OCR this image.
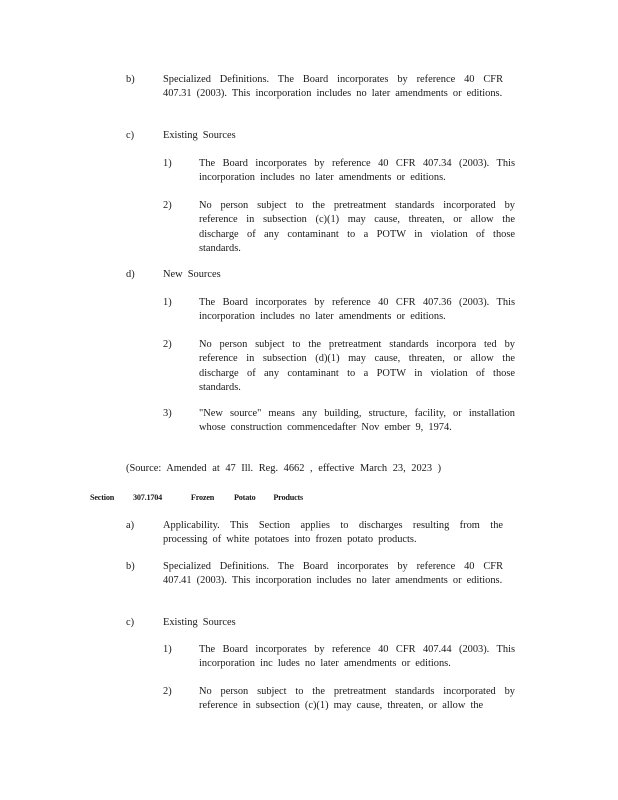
b)	Specialized Definitions. The Board incorporates by reference 40 CFR 407.31 (2003). This incorporation includes no later amendments or editions.
c)	Existing Sources
1)	The Board incorporates by reference 40 CFR 407.34 (2003). This incorporation includes no later amendments or editions.
2)	No person subject to the pretreatment standards incorporated by reference in subsection (c)(1) may cause, threaten, or allow the discharge of any contaminant to a POTW in violation of those standards.
d)	New Sources
1)	The Board incorporates by reference 40 CFR 407.36 (2003). This incorporation includes no later amendments or editions.
2)	No person subject to the pretreatment standards incorpora ted by reference in subsection (d)(1) may cause, threaten, or allow the discharge of any contaminant to a POTW in violation of those standards.
3)	"New source" means any building, structure, facility, or installation whose construction commencedafter Nov ember 9, 1974.
(Source: Amended at 47 Ill. Reg. 4662 , effective March 23, 2023 )
Section 307.1704	Frozen Potato Products
a)	Applicability. This Section applies to discharges resulting from the processing of white potatoes into frozen potato products.
b)	Specialized Definitions. The Board incorporates by reference 40 CFR 407.41 (2003). This incorporation includes no later amendments or editions.
c)	Existing Sources
1)	The Board incorporates by reference 40 CFR 407.44 (2003). This incorporation inc ludes no later amendments or editions.
2)	No person subject to the pretreatment standards incorporated by reference in subsection (c)(1) may cause, threaten, or allow the
